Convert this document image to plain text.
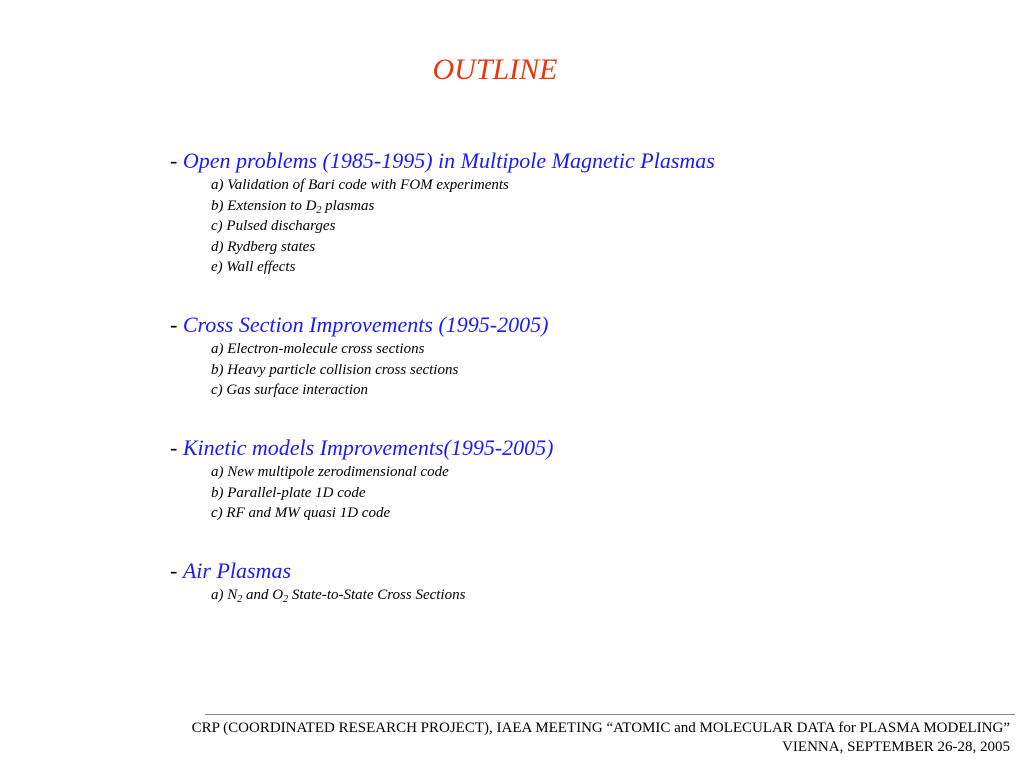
OUTLINE
- Open problems (1985-1995) in Multipole Magnetic Plasmas
a) Validation of Bari code with FOM experiments
b) Extension to $D_2$ plasmas
c) Pulsed discharges
d) Rydberg states
e) Wall effects
- Cross Section Improvements (1995-2005)
a) Electron-molecule cross sections
b) Heavy particle collision cross sections
c) Gas surface interaction
- Kinetic models Improvements(1995-2005)
a) New multipole zerodimensional code
b) Parallel-plate 1D code
c) RF and MW quasi 1D code
- Air Plasmas
a) $N_2$ and $O_2$ State-to-State Cross Sections
CRP (COORDINATED RESEARCH PROJECT), IAEA MEETING “ATOMIC and MOLECULAR DATA for PLASMA MODELING”
VIENNA, SEPTEMBER 26-28, 2005
